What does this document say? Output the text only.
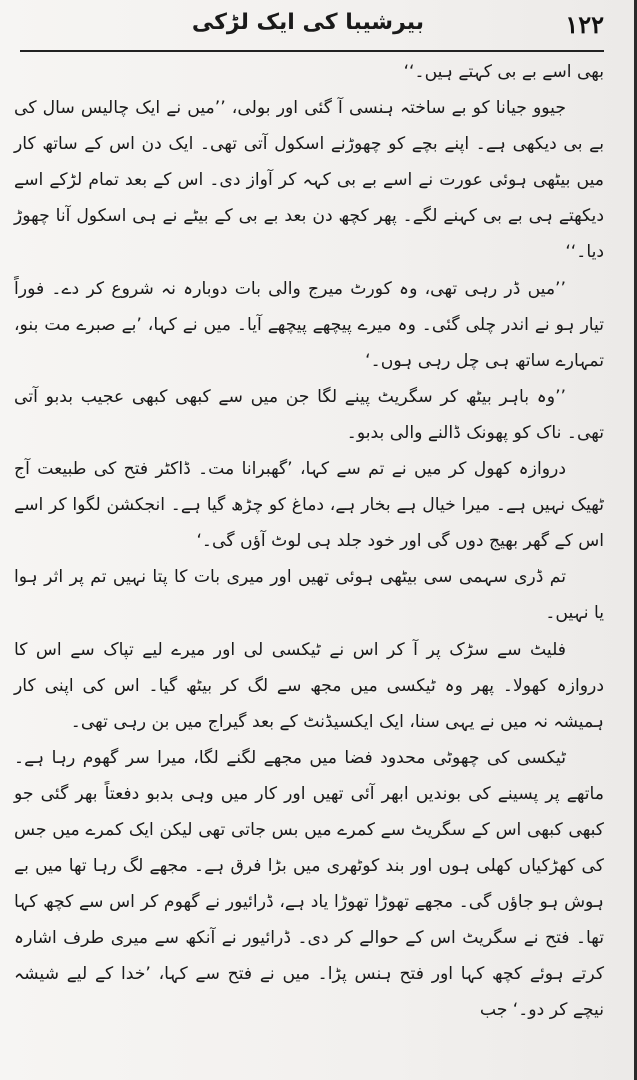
۱۲۲
بیرشیبا کی ایک لڑکی

بھی اسے بے بی کہتے ہیں۔‘‘

جیوو جیانا کو بے ساختہ ہنسی آ گئی اور بولی، ’’میں نے ایک چالیس سال کی بے بی دیکھی ہے۔ اپنے بچے کو چھوڑنے اسکول آتی تھی۔ ایک دن اس کے ساتھ کار میں بیٹھی ہوئی عورت نے اسے بے بی کہہ کر آواز دی۔ اس کے بعد تمام لڑکے اسے دیکھتے ہی بے بی کہنے لگے۔ پھر کچھ دن بعد بے بی کے بیٹے نے ہی اسکول آنا چھوڑ دیا۔‘‘

’’میں ڈر رہی تھی، وہ کورٹ میرج والی بات دوبارہ نہ شروع کر دے۔ فوراً تیار ہو نے اندر چلی گئی۔ وہ میرے پیچھے پیچھے آیا۔ میں نے کہا، ’بے صبرے مت بنو، تمہارے ساتھ ہی چل رہی ہوں۔‘

’’وہ باہر بیٹھ کر سگریٹ پینے لگا جن میں سے کبھی کبھی عجیب بدبو آتی تھی۔ ناک کو پھونک ڈالنے والی بدبو۔

دروازہ کھول کر میں نے تم سے کہا، ’گھبرانا مت۔ ڈاکٹر فتح کی طبیعت آج ٹھیک نہیں ہے۔ میرا خیال ہے بخار ہے، دماغ کو چڑھ گیا ہے۔ انجکشن لگوا کر اسے اس کے گھر بھیج دوں گی اور خود جلد ہی لوٹ آؤں گی۔‘

تم ڈری سہمی سی بیٹھی ہوئی تھیں اور میری بات کا پتا نہیں تم پر اثر ہوا یا نہیں۔

فلیٹ سے سڑک پر آ کر اس نے ٹیکسی لی اور میرے لیے تپاک سے اس کا دروازہ کھولا۔ پھر وہ ٹیکسی میں مجھ سے لگ کر بیٹھ گیا۔ اس کی اپنی کار ہمیشہ نہ میں نے یہی سنا، ایک ایکسیڈنٹ کے بعد گیراج میں بن رہی تھی۔

ٹیکسی کی چھوٹی محدود فضا میں مجھے لگنے لگا، میرا سر گھوم رہا ہے۔ ماتھے پر پسینے کی بوندیں ابھر آئی تھیں اور کار میں وہی بدبو دفعتاً بھر گئی جو کبھی کبھی اس کے سگریٹ سے کمرے میں بس جاتی تھی لیکن ایک کمرے میں جس کی کھڑکیاں کھلی ہوں اور بند کوٹھری میں بڑا فرق ہے۔ مجھے لگ رہا تھا میں بے ہوش ہو جاؤں گی۔ مجھے تھوڑا تھوڑا یاد ہے، ڈرائیور نے گھوم کر اس سے کچھ کہا تھا۔ فتح نے سگریٹ اس کے حوالے کر دی۔ ڈرائیور نے آنکھ سے میری طرف اشارہ کرتے ہوئے کچھ کہا اور فتح ہنس پڑا۔ میں نے فتح سے کہا، ’خدا کے لیے شیشہ نیچے کر دو۔‘ جب
